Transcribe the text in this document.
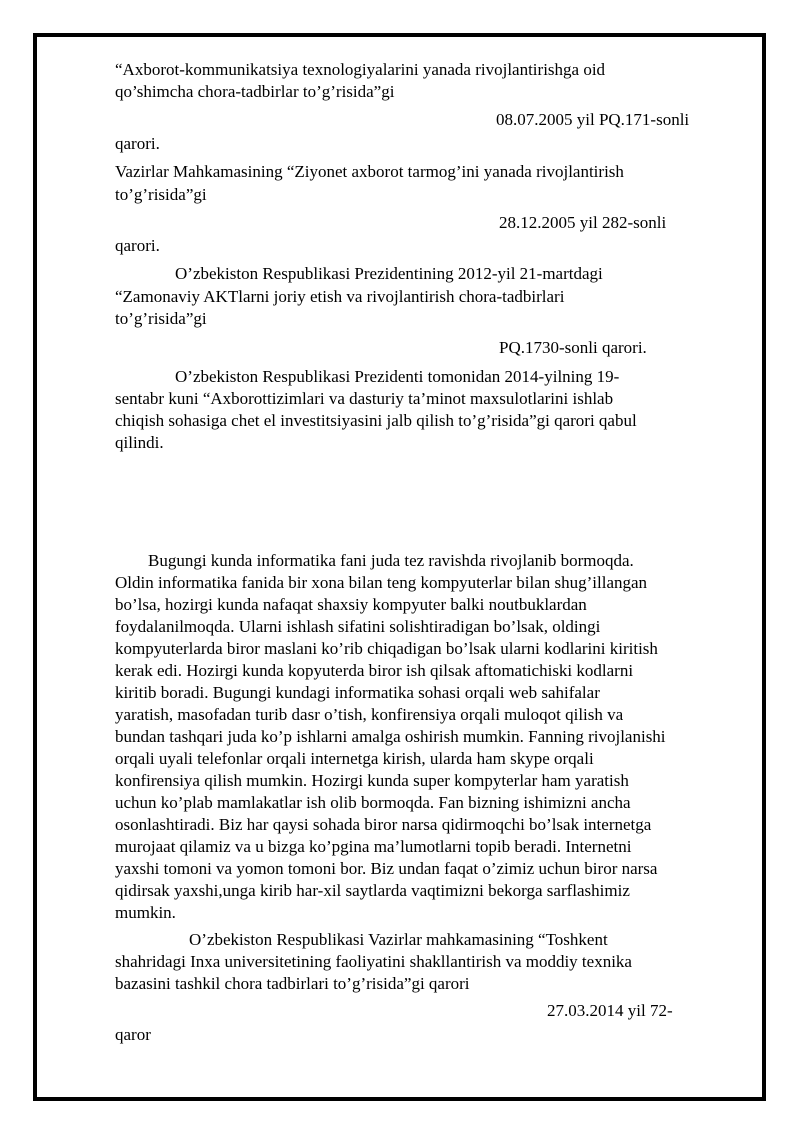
“Axborot-kommunikatsiya texnologiyalarini yanada rivojlantirishga oid

qo’shimcha chora-tadbirlar to’g’risida”gi

08.07.2005 yil PQ.171-sonli

qarori.

Vazirlar Mahkamasining “Ziyonet axborot tarmog’ini yanada rivojlantirish

to’g’risida”gi

28.12.2005 yil 282-sonli

qarori.

O’zbekiston Respublikasi Prezidentining 2012-yil 21-martdagi

“Zamonaviy AKTlarni joriy etish va rivojlantirish chora-tadbirlari

to’g’risida”gi

PQ.1730-sonli qarori.

O’zbekiston Respublikasi Prezidenti tomonidan 2014-yilning 19-

sentabr kuni “Axborottizimlari va dasturiy ta’minot maxsulotlarini ishlab

chiqish sohasiga chet el investitsiyasini jalb qilish to’g’risida”gi qarori qabul

qilindi.

Bugungi kunda informatika fani juda tez ravishda rivojlanib bormoqda.

Oldin informatika fanida bir xona bilan teng kompyuterlar bilan shug’illangan

bo’lsa, hozirgi kunda nafaqat shaxsiy kompyuter balki noutbuklardan

foydalanilmoqda. Ularni ishlash sifatini solishtiradigan bo’lsak, oldingi

kompyuterlarda biror maslani ko’rib chiqadigan bo’lsak ularni kodlarini kiritish

kerak edi. Hozirgi kunda kopyuterda biror ish qilsak aftomatichiski kodlarni

kiritib boradi. Bugungi kundagi informatika sohasi orqali web sahifalar

yaratish, masofadan turib dasr o’tish, konfirensiya orqali muloqot qilish va

bundan tashqari juda ko’p ishlarni amalga oshirish mumkin. Fanning rivojlanishi

orqali uyali telefonlar orqali internetga kirish, ularda ham skype orqali

konfirensiya qilish mumkin. Hozirgi kunda super kompyterlar ham yaratish

uchun ko’plab mamlakatlar ish olib bormoqda. Fan bizning ishimizni ancha

osonlashtiradi. Biz har qaysi sohada biror narsa qidirmoqchi bo’lsak internetga

murojaat qilamiz va u bizga ko’pgina ma’lumotlarni topib beradi. Internetni

yaxshi tomoni va yomon tomoni bor. Biz undan faqat o’zimiz uchun biror narsa

qidirsak yaxshi,unga kirib har-xil saytlarda vaqtimizni bekorga sarflashimiz

mumkin.

O’zbekiston Respublikasi Vazirlar mahkamasining “Toshkent

shahridagi Inxa universitetining faoliyatini shakllantirish va moddiy texnika

bazasini tashkil chora tadbirlari to’g’risida”gi qarori

27.03.2014 yil 72-

qaror
